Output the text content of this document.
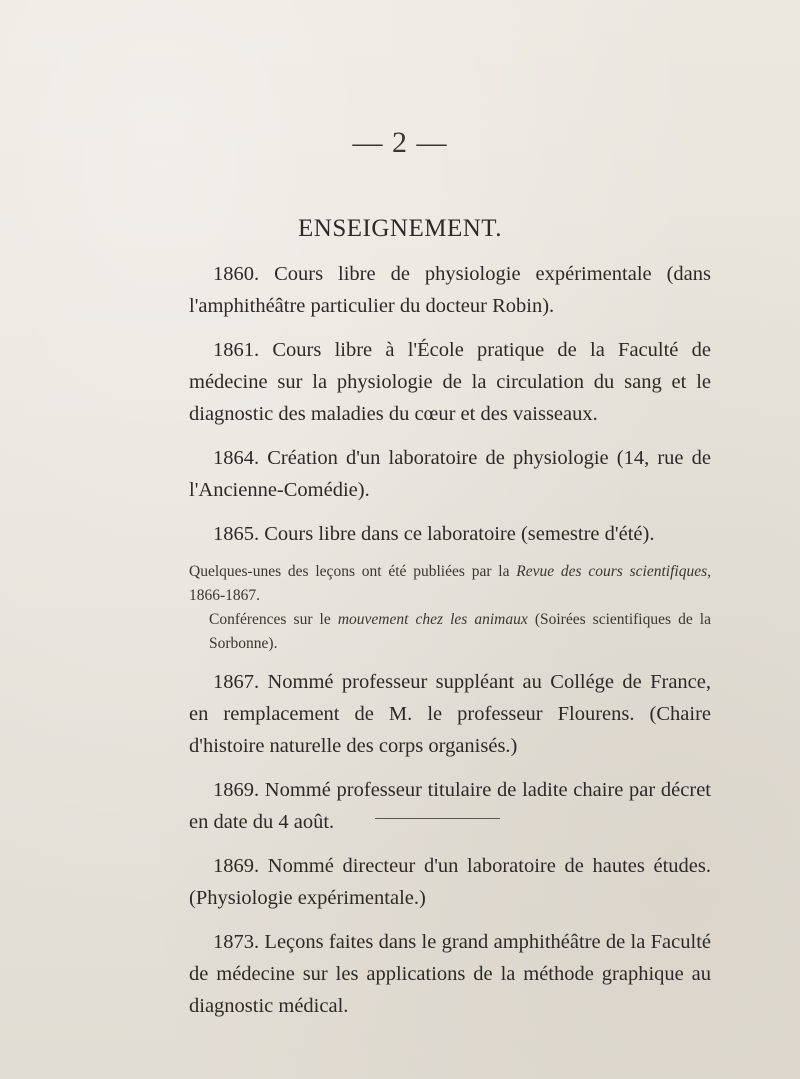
— 2 —
ENSEIGNEMENT.

1860. Cours libre de physiologie expérimentale (dans l'amphithéâtre particulier du docteur Robin).

1861. Cours libre à l'École pratique de la Faculté de médecine sur la physiologie de la circulation du sang et le diagnostic des maladies du cœur et des vaisseaux.

1864. Création d'un laboratoire de physiologie (14, rue de l'Ancienne-Comédie).

1865. Cours libre dans ce laboratoire (semestre d'été).

Quelques-unes des leçons ont été publiées par la Revue des cours scientifiques, 1866-1867.
Conférences sur le mouvement chez les animaux (Soirées scientifiques de la Sorbonne).

1867. Nommé professeur suppléant au Collége de France, en remplacement de M. le professeur Flourens. (Chaire d'histoire naturelle des corps organisés.)

1869. Nommé professeur titulaire de ladite chaire par décret en date du 4 août.

1869. Nommé directeur d'un laboratoire de hautes études. (Physiologie expérimentale.)

1873. Leçons faites dans le grand amphithéâtre de la Faculté de médecine sur les applications de la méthode graphique au diagnostic médical.
